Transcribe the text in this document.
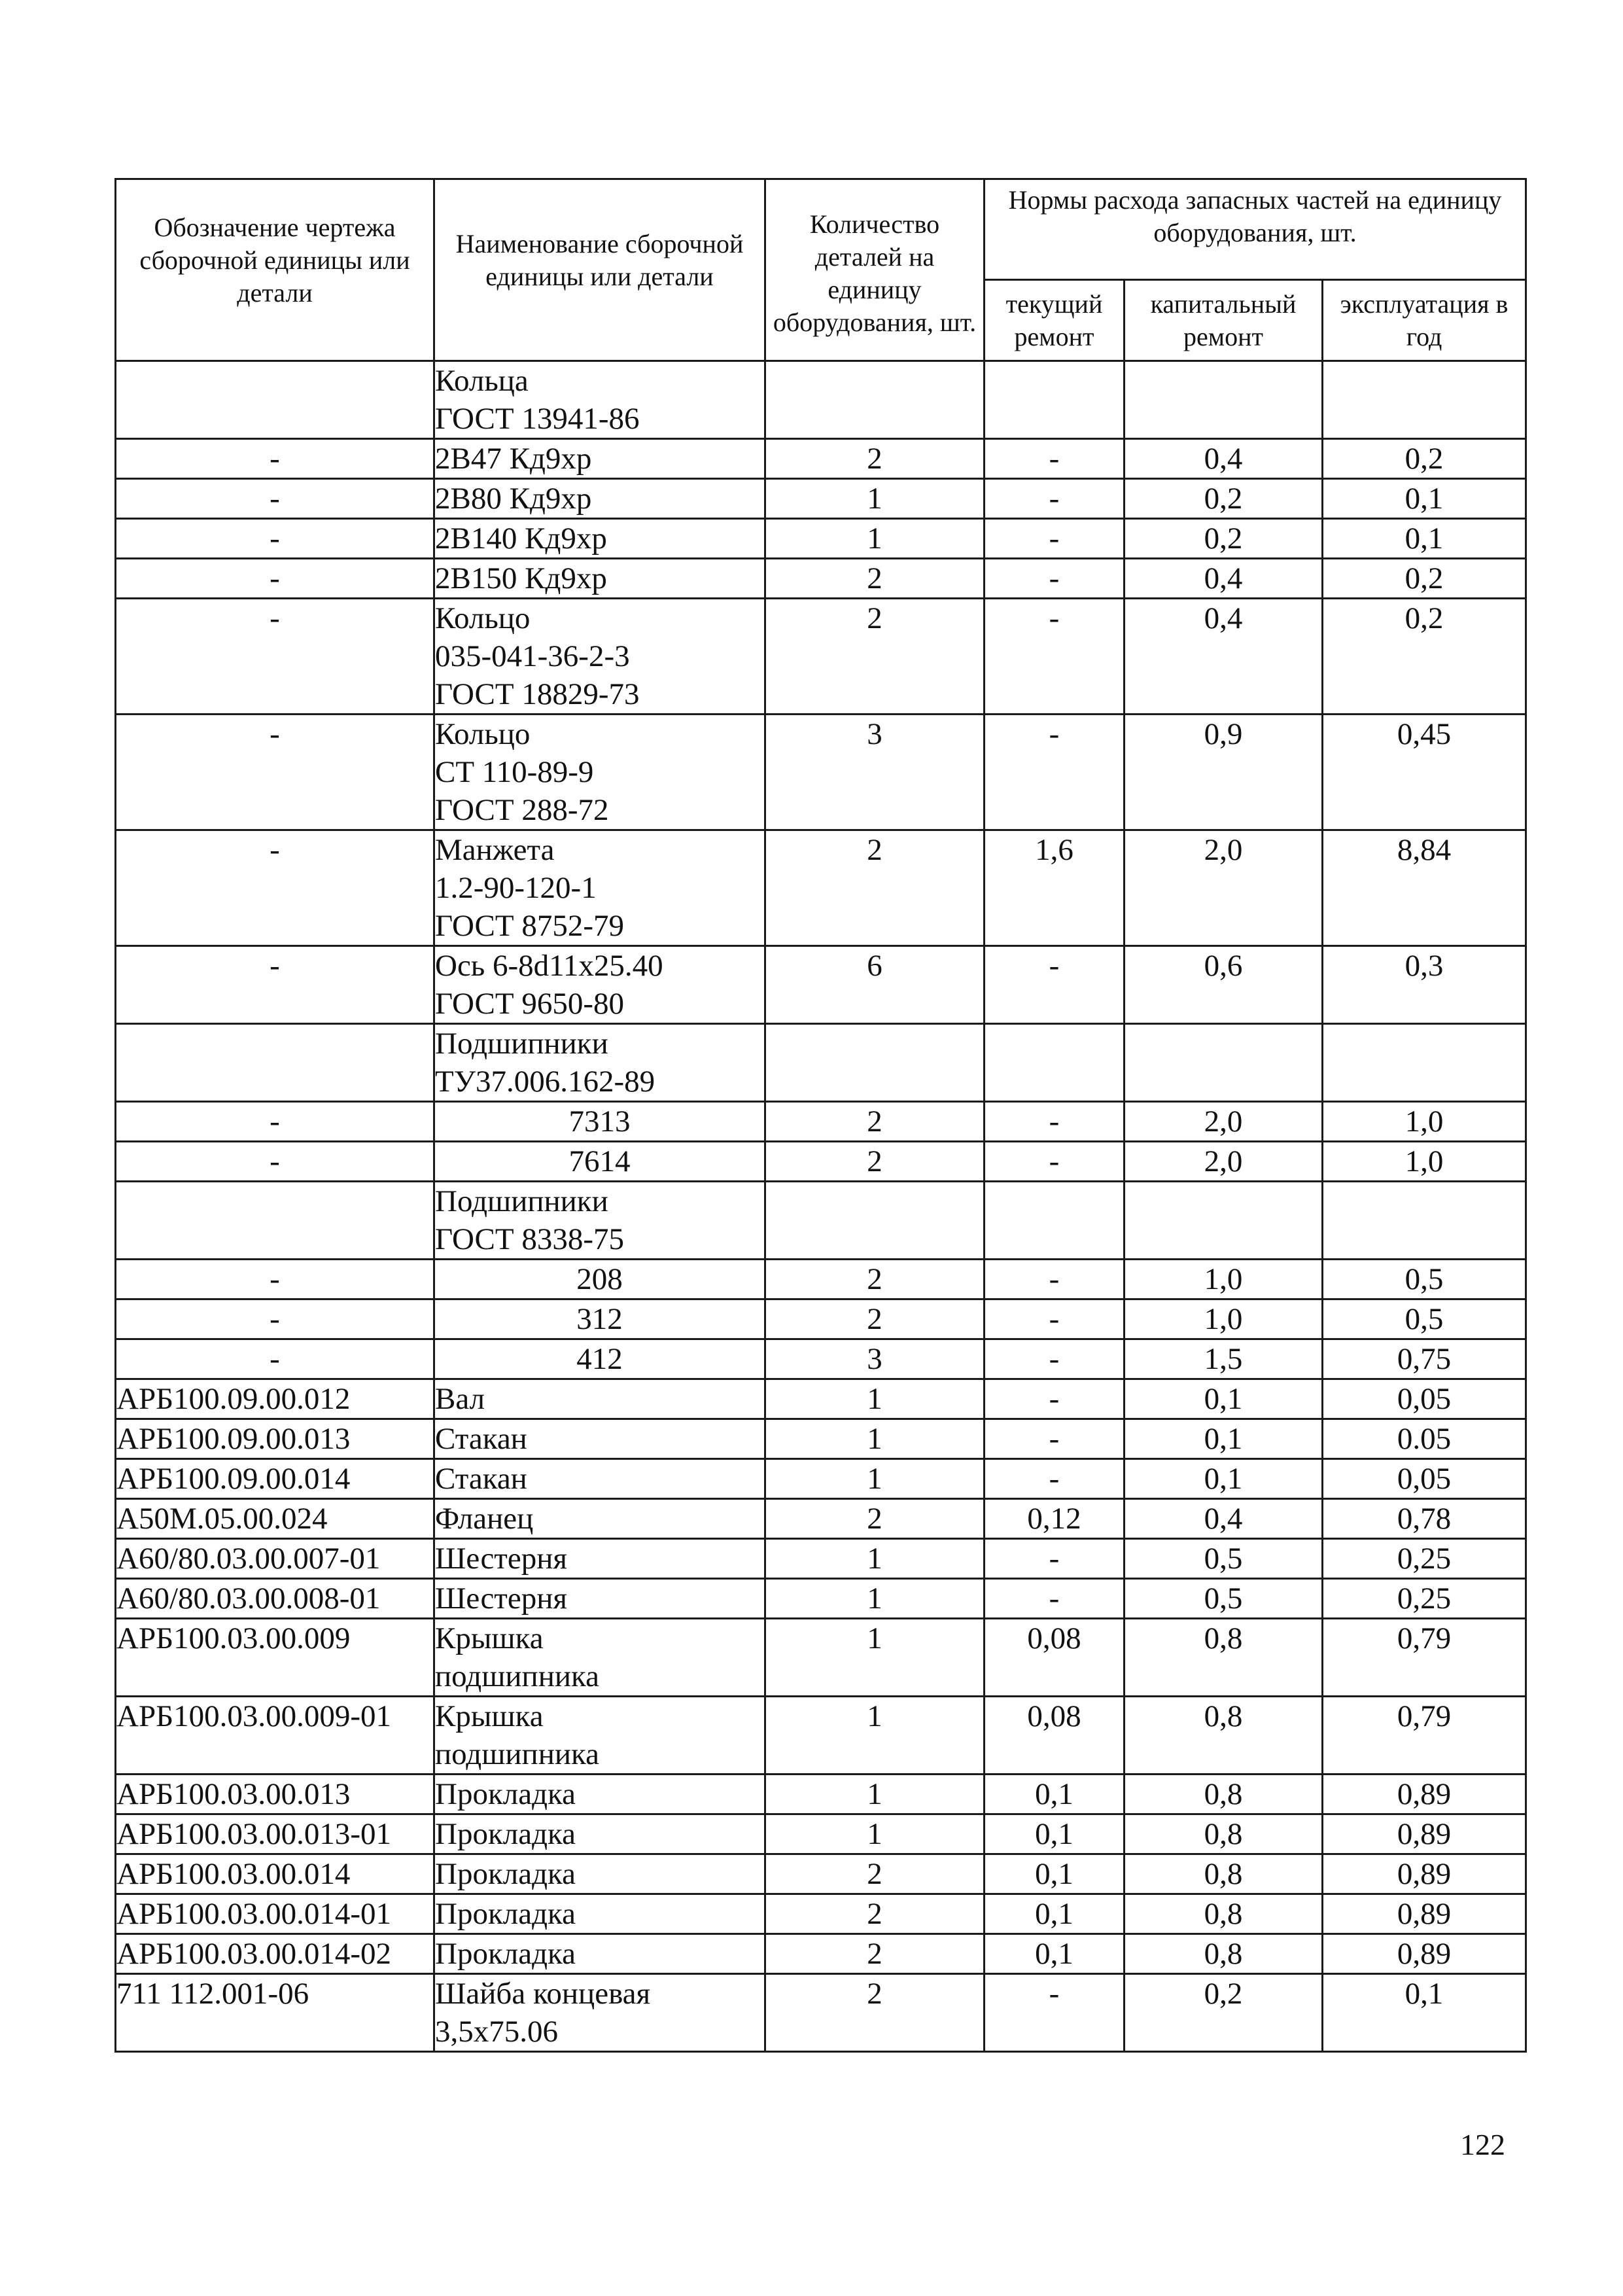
Обозначение чертежа сборочной единицы или детали	Наименование сборочной единицы или детали	Количество деталей на единицу оборудования, шт.	Нормы расхода запасных частей на единицу оборудования, шт.		
			текущий ремонт	капитальный ремонт	эксплуатация в год
	Кольца
ГОСТ 13941-86				
-	2В47 Кд9хр	2	-	0,4	0,2
-	2В80 Кд9хр	1	-	0,2	0,1
-	2В140 Кд9хр	1	-	0,2	0,1
-	2В150 Кд9хр	2	-	0,4	0,2
-	Кольцо
035-041-36-2-3
ГОСТ 18829-73	2	-	0,4	0,2
-	Кольцо
СТ 110-89-9
ГОСТ 288-72	3	-	0,9	0,45
-	Манжета
1.2-90-120-1
ГОСТ 8752-79	2	1,6	2,0	8,84
-	Ось 6-8d11x25.40
ГОСТ 9650-80	6	-	0,6	0,3
	Подшипники
ТУ37.006.162-89				
-	7313	2	-	2,0	1,0
-	7614	2	-	2,0	1,0
	Подшипники
ГОСТ 8338-75				
-	208	2	-	1,0	0,5
-	312	2	-	1,0	0,5
-	412	3	-	1,5	0,75
АРБ100.09.00.012	Вал	1	-	0,1	0,05
АРБ100.09.00.013	Стакан	1	-	0,1	0.05
АРБ100.09.00.014	Стакан	1	-	0,1	0,05
А50М.05.00.024	Фланец	2	0,12	0,4	0,78
А60/80.03.00.007-01	Шестерня	1	-	0,5	0,25
А60/80.03.00.008-01	Шестерня	1	-	0,5	0,25
АРБ100.03.00.009	Крышка
подшипника	1	0,08	0,8	0,79
АРБ100.03.00.009-01	Крышка
подшипника	1	0,08	0,8	0,79
АРБ100.03.00.013	Прокладка	1	0,1	0,8	0,89
АРБ100.03.00.013-01	Прокладка	1	0,1	0,8	0,89
АРБ100.03.00.014	Прокладка	2	0,1	0,8	0,89
АРБ100.03.00.014-01	Прокладка	2	0,1	0,8	0,89
АРБ100.03.00.014-02	Прокладка	2	0,1	0,8	0,89
711 112.001-06	Шайба концевая
3,5x75.06	2	-	0,2	0,1
122
